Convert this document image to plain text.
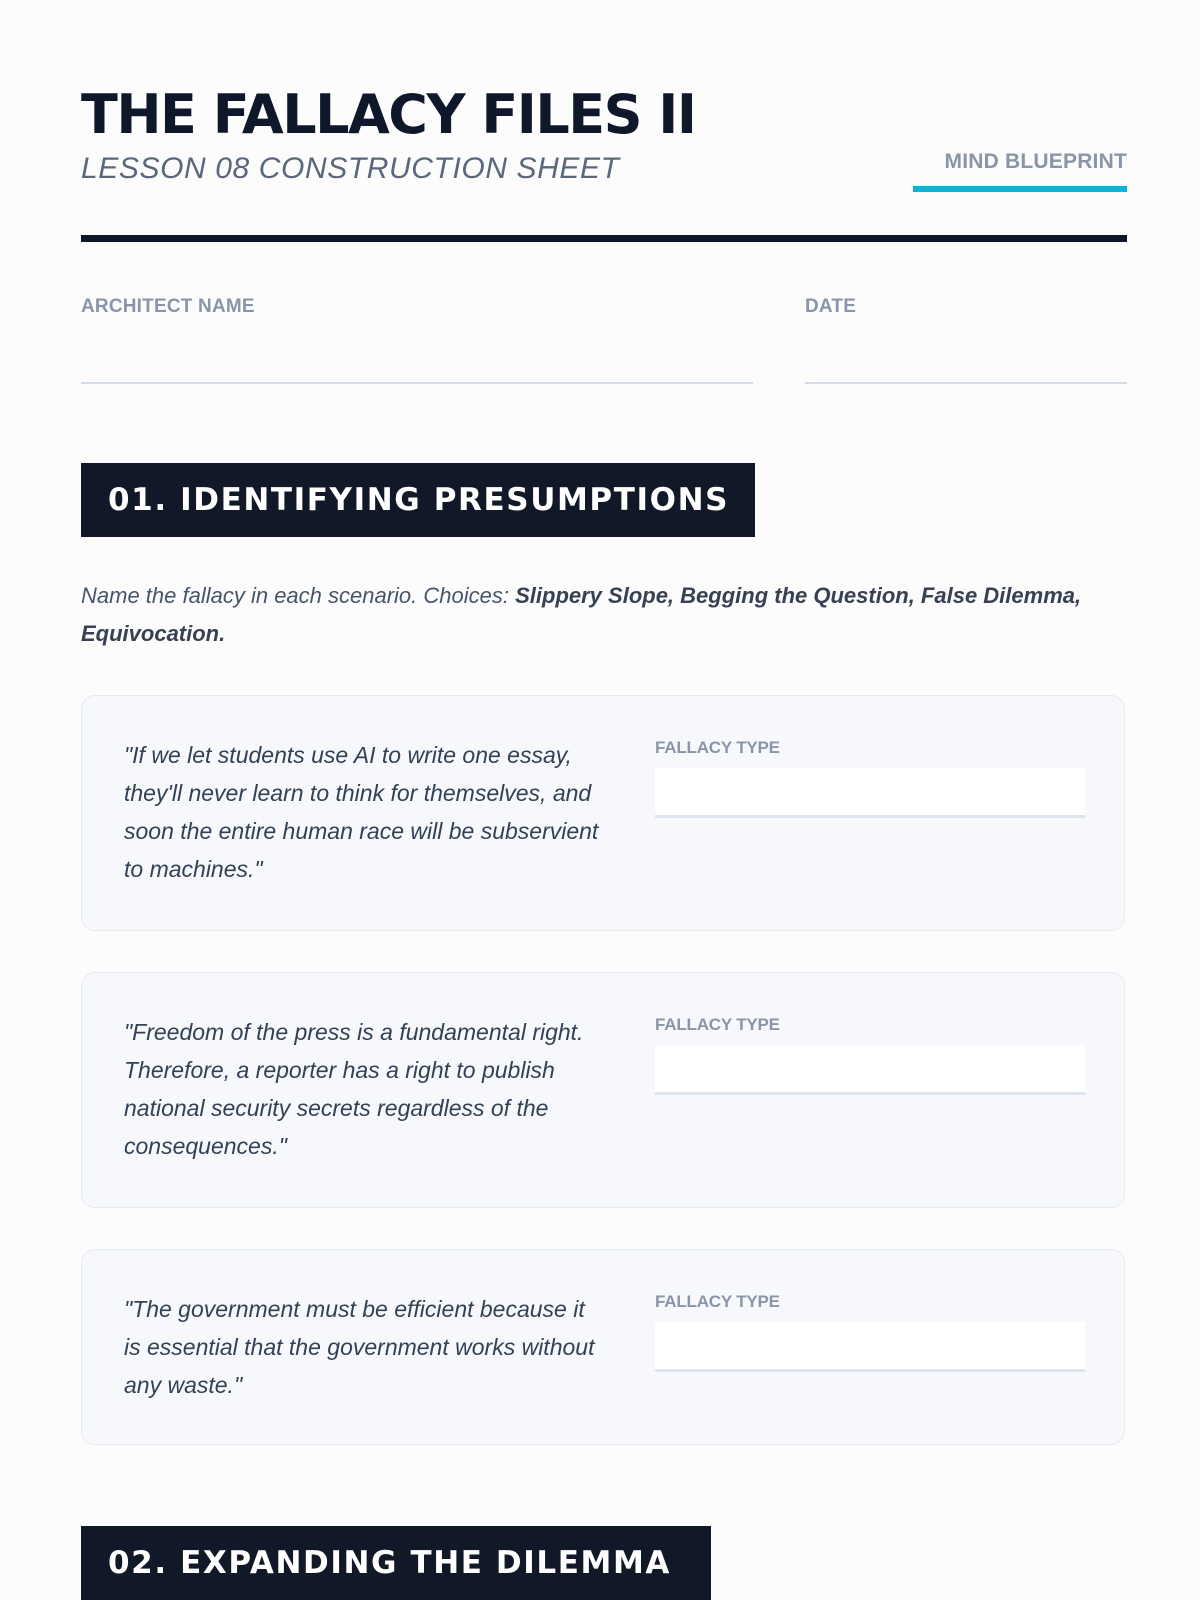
THE FALLACY FILES II

LESSON 08 CONSTRUCTION SHEET	MIND BLUEPRINT
ARCHITECT NAME	DATE
01. IDENTIFYING PRESUMPTIONS

Name the fallacy in each scenario. Choices: Slippery Slope, Begging the Question, False Dilemma, Equivocation.

"If we let students use AI to write one essay, they'll never learn to think for themselves, and soon the entire human race will be subservient to machines."

FALLACY TYPE

"Freedom of the press is a fundamental right. Therefore, a reporter has a right to publish national security secrets regardless of the consequences."

FALLACY TYPE

"The government must be efficient because it is essential that the government works without any waste."

FALLACY TYPE
02. EXPANDING THE DILEMMA
